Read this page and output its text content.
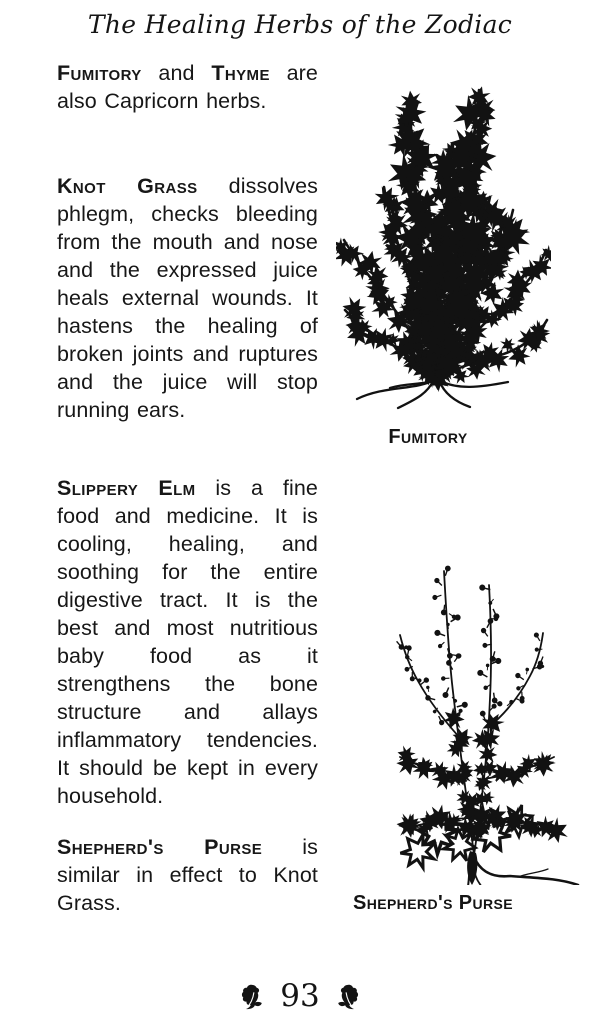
The Healing Herbs of the Zodiac

Fumitory and Thyme are also Capricorn herbs.

Knot Grass dissolves phlegm, checks bleeding from the mouth and nose and the expressed juice heals external wounds. It hastens the healing of broken joints and ruptures and the juice will stop running ears.

Slippery Elm is a fine food and medicine. It is cooling, healing, and soothing for the entire digestive tract. It is the best and most nutritious baby food as it strengthens the bone structure and allays inflammatory tendencies. It should be kept in every household.

Shepherd's Purse is similar in effect to Knot Grass.

Fumitory
Shepherd's Purse
93
